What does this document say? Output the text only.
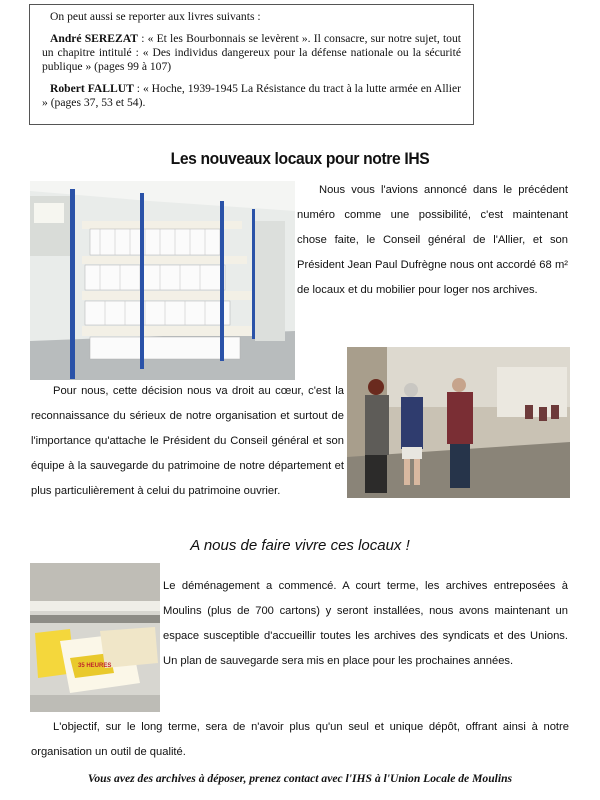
On peut aussi se reporter aux livres suivants :

André SEREZAT : « Et les Bourbonnais se levèrent ». Il consacre, sur notre sujet, tout un chapitre intitulé : « Des individus dangereux pour la défense nationale ou la sécurité publique » (pages 99 à 107)

Robert FALLUT : « Hoche, 1939-1945 La Résistance du tract à la lutte armée en Allier » (pages 37, 53 et 54).

Les nouveaux locaux pour notre IHS

Nous vous l'avions annoncé dans le précédent numéro comme une possibilité, c'est maintenant chose faite, le Conseil général de l'Allier, et son Président Jean Paul Dufrègne nous ont accordé 68 m² de locaux et du mobilier pour loger nos archives.

Pour nous, cette décision nous va droit au cœur, c'est la reconnaissance du sérieux de notre organisation et surtout de l'importance qu'attache le Président du Conseil général et son équipe à la sauvegarde du patrimoine de notre département et plus particulièrement à celui du patrimoine ouvrier.

A nous de faire vivre ces locaux !
35 HEURES

Le déménagement a commencé. A court terme, les archives entreposées à Moulins (plus de 700 cartons) y seront installées, nous avons maintenant un espace susceptible d'accueillir toutes les archives des syndicats et des Unions. Un plan de sauvegarde sera mis en place pour les prochaines années.

L'objectif, sur le long terme, sera de n'avoir plus qu'un seul et unique dépôt, offrant ainsi à notre organisation un outil de qualité.

Vous avez des archives à déposer, prenez contact avec l'IHS à l'Union Locale de Moulins
